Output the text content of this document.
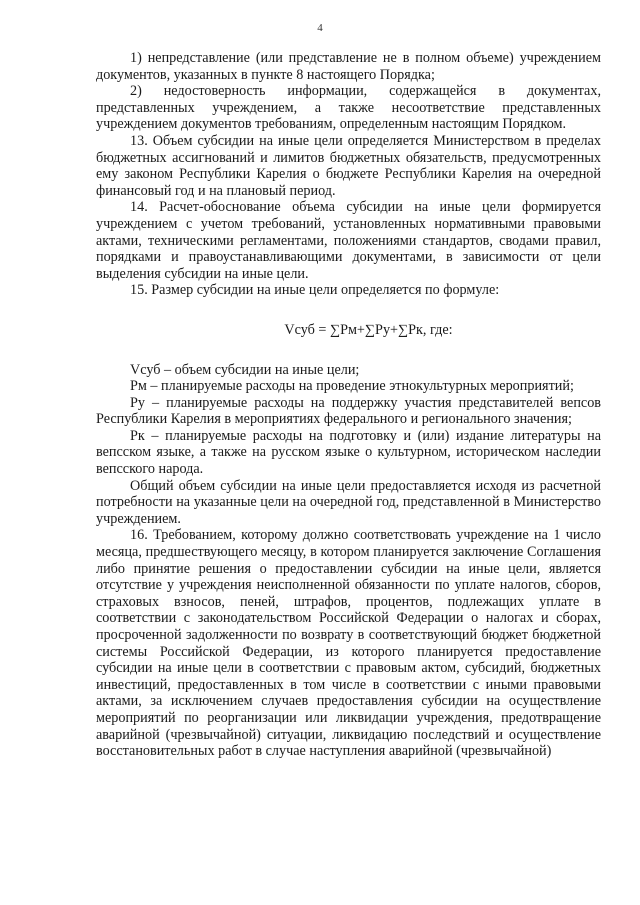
4

1) непредставление (или представление не в полном объеме) учреждением документов, указанных в пункте 8 настоящего Порядка;

2) недостоверность информации, содержащейся в документах, представленных учреждением, а также несоответствие представленных учреждением документов требованиям, определенным настоящим Порядком.

13. Объем субсидии на иные цели определяется Министерством в пределах бюджетных ассигнований и лимитов бюджетных обязательств, предусмотренных ему законом Республики Карелия о бюджете Республики Карелия на очередной финансовый год и на плановый период.

14. Расчет-обоснование объема субсидии на иные цели формируется учреждением с учетом требований, установленных нормативными правовыми актами, техническими регламентами, положениями стандартов, сводами правил, порядками и правоустанавливающими документами, в зависимости от цели выделения субсидии на иные цели.

15. Размер субсидии на иные цели определяется по формуле:

Vсуб = ∑Рм+∑Ру+∑Рк, где:

Vсуб – объем субсидии на иные цели;

Рм – планируемые расходы на проведение этнокультурных мероприятий;

Ру – планируемые расходы на поддержку участия представителей вепсов Республики Карелия в мероприятиях федерального и регионального значения;

Рк – планируемые расходы на подготовку и (или) издание литературы на вепсском языке, а также на русском языке о культурном, историческом наследии вепсского народа.

Общий объем субсидии на иные цели предоставляется исходя из расчетной потребности на указанные цели на очередной год, представленной в Министерство учреждением.

16. Требованием, которому должно соответствовать учреждение на 1 число месяца, предшествующего месяцу, в котором планируется заключение Соглашения либо принятие решения о предоставлении субсидии на иные цели, является отсутствие у учреждения неисполненной обязанности по уплате налогов, сборов, страховых взносов, пеней, штрафов, процентов, подлежащих уплате в соответствии с законодательством Российской Федерации о налогах и сборах, просроченной задолженности по возврату в соответствующий бюджет бюджетной системы Российской Федерации, из которого планируется предоставление субсидии на иные цели в соответствии с правовым актом, субсидий, бюджетных инвестиций, предоставленных в том числе в соответствии с иными правовыми актами, за исключением случаев предоставления субсидии на осуществление мероприятий по реорганизации или ликвидации учреждения, предотвращение аварийной (чрезвычайной) ситуации, ликвидацию последствий и осуществление восстановительных работ в случае наступления аварийной (чрезвычайной)
